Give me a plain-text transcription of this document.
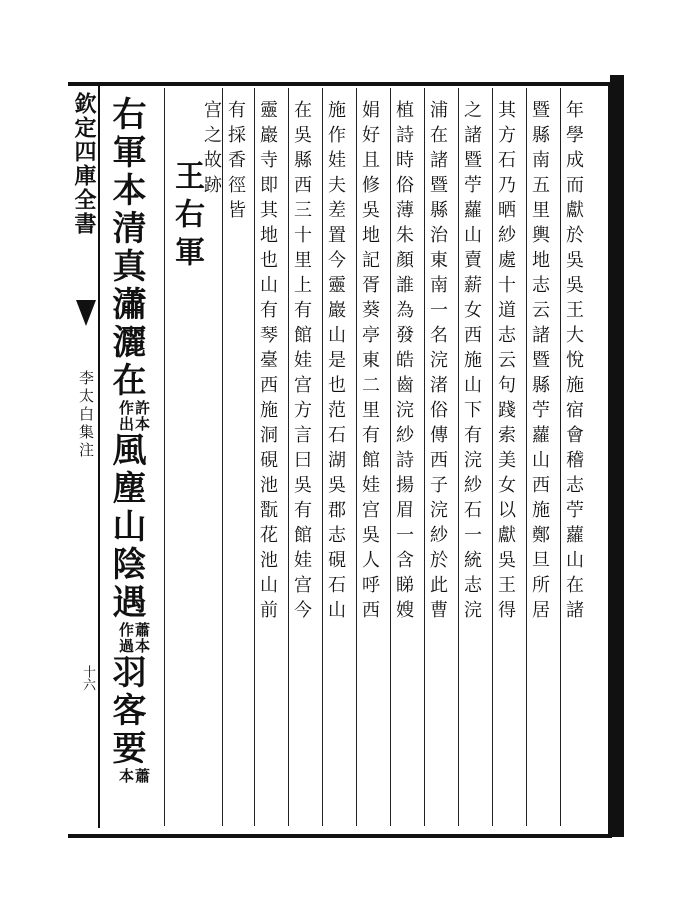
欽定四庫全書
李太白集注
十六
年學成而獻於吳吳王大悅施宿會稽志苧蘿山在諸
暨縣南五里輿地志云諸暨縣苧蘿山西施鄭旦所居
其方石乃晒紗處十道志云句踐索美女以獻吳王得
之諸暨苧蘿山賣薪女西施山下有浣紗石一統志浣
浦在諸暨縣治東南一名浣渚俗傳西子浣紗於此曹
植詩時俗薄朱顏誰為發皓齒浣紗詩揚眉一含睇嫂
娟好且修吳地記胥葵亭東二里有館娃宫吳人呼西
施作娃夫差置今靈巖山是也范石湖吳郡志硯石山
在吳縣西三十里上有館娃宫方言曰吳有館娃宫今
靈巖寺即其地也山有琴臺西施洞硯池翫花池山前
有採香徑皆
宫之故跡
王右軍
右軍本清真瀟灑在許本
作出風塵山陰遇蕭本
作過羽客要蕭
本
